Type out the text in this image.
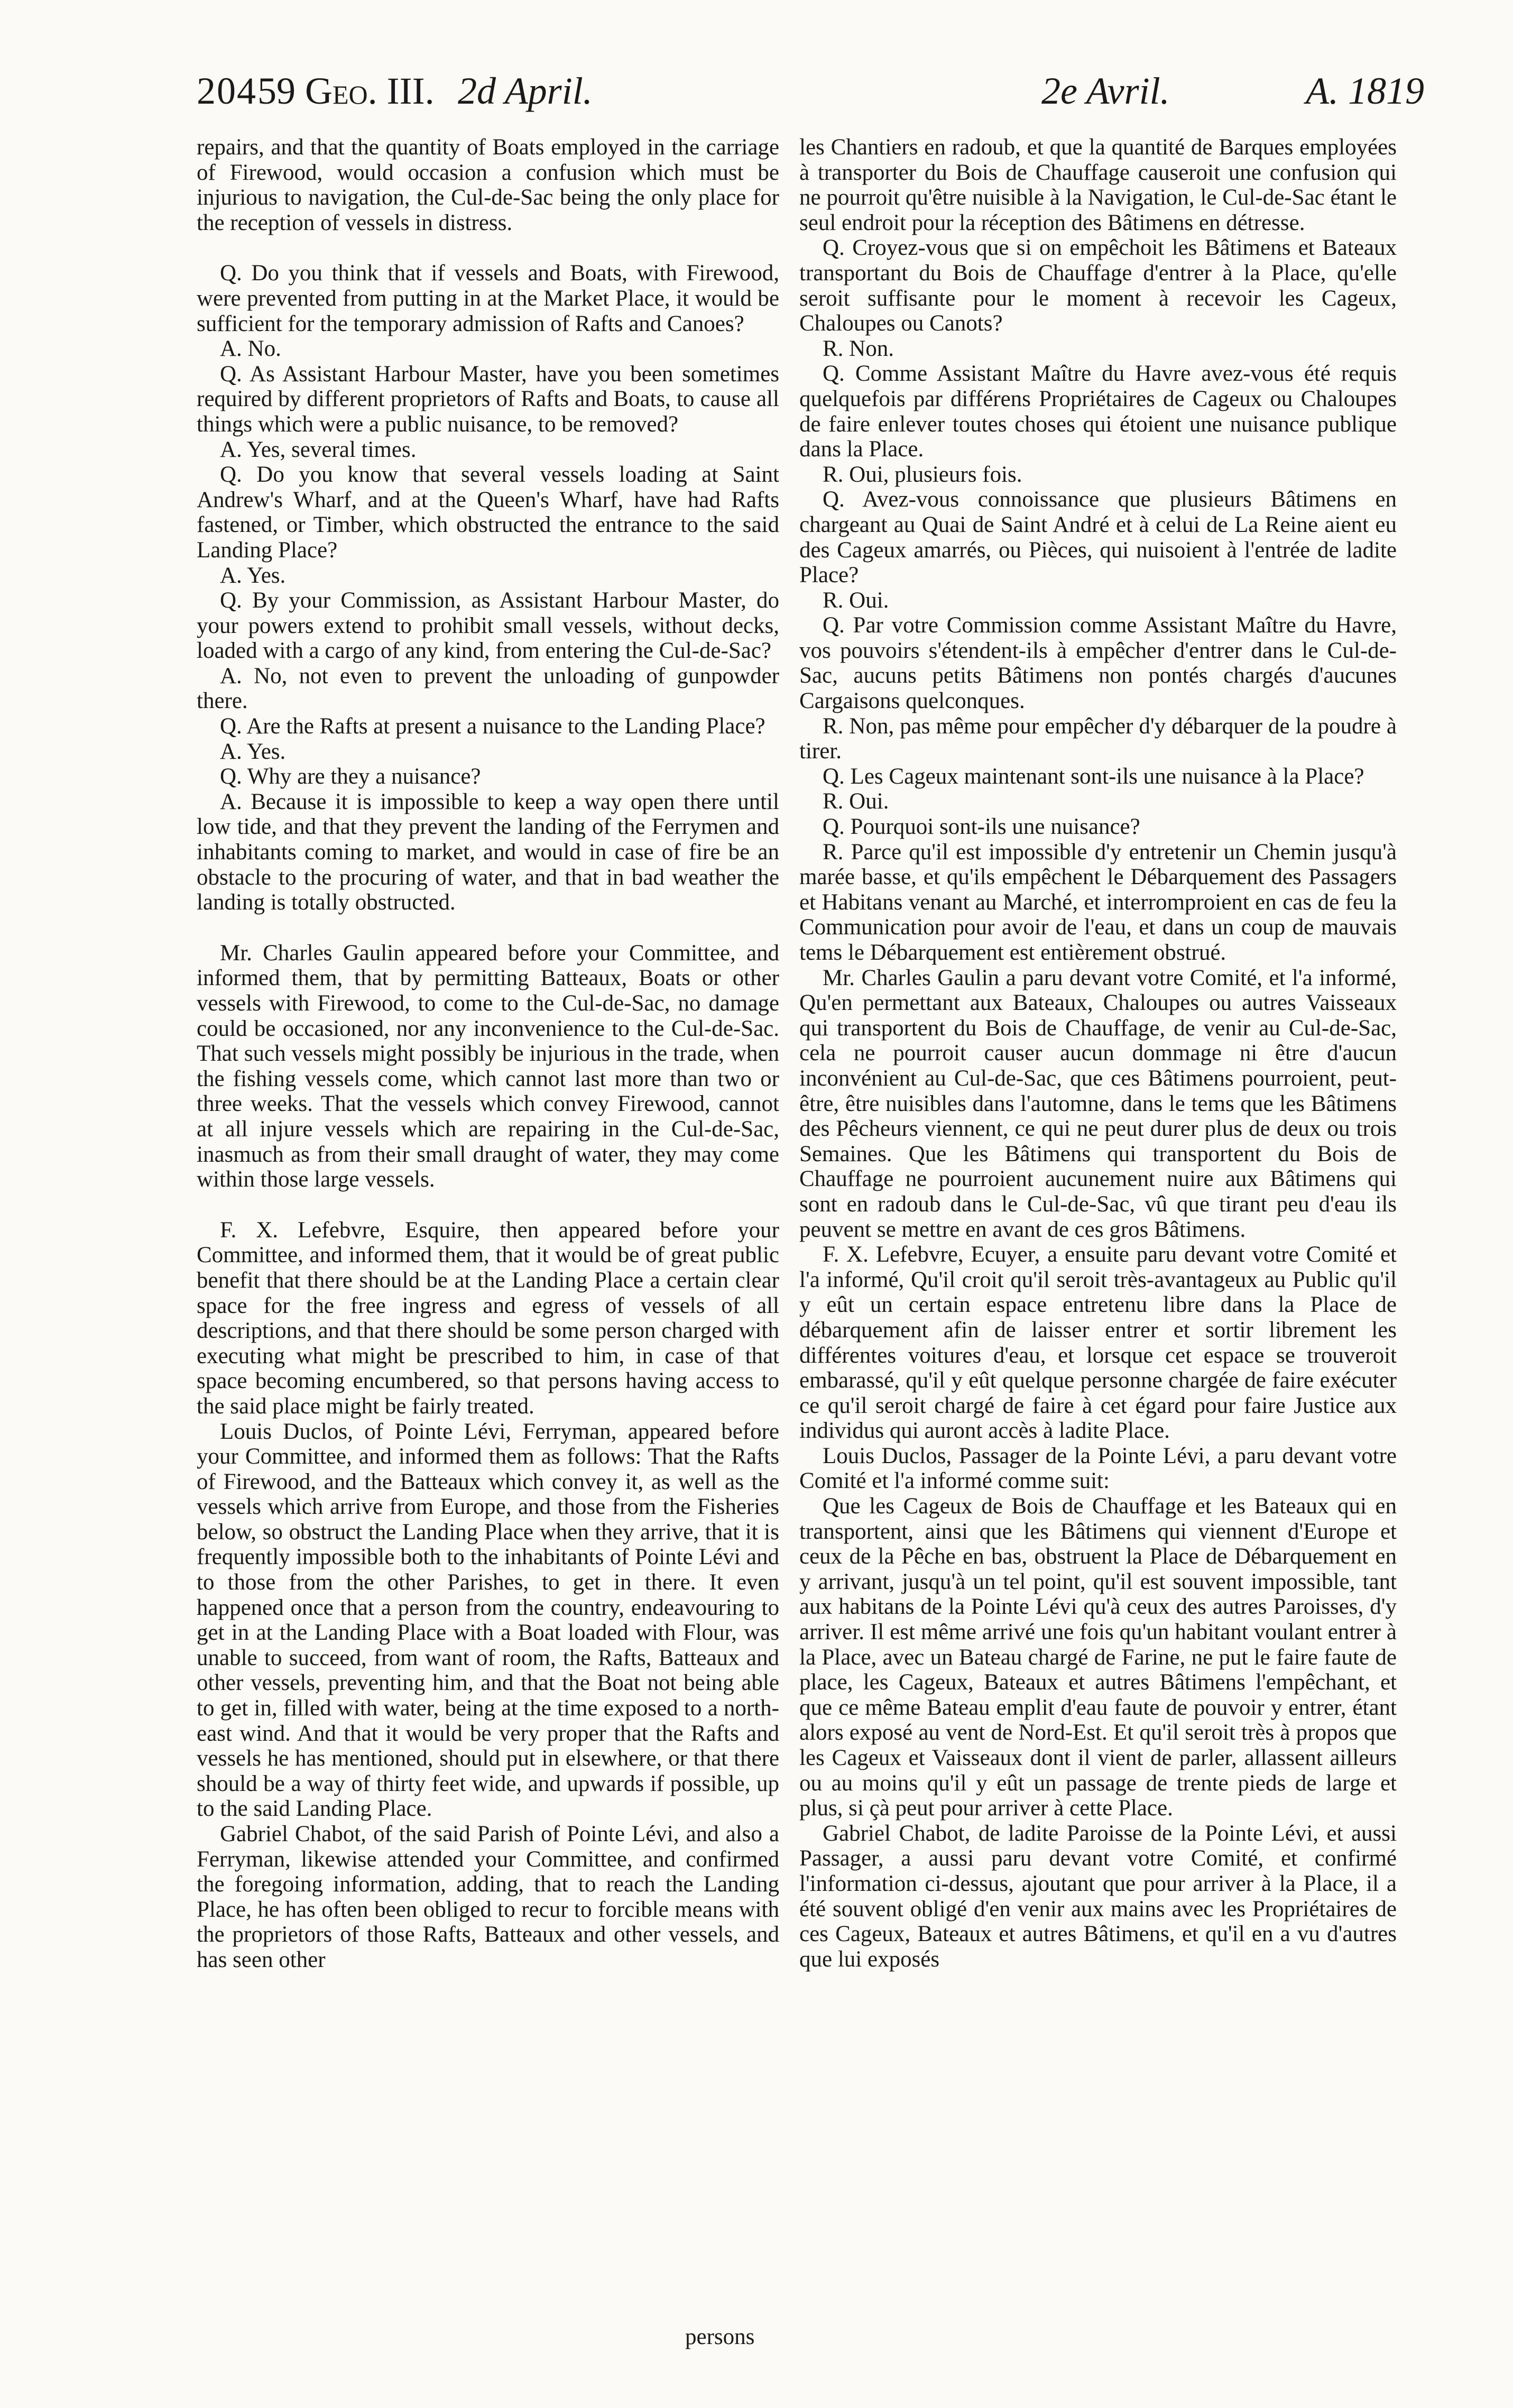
204 59 Geo. III. 2d April.	2e Avril.	A. 1819

repairs, and that the quantity of Boats employed in the carriage of Firewood, would occasion a confusion which must be injurious to navigation, the Cul-de-Sac being the only place for the reception of vessels in distress.

Q. Do you think that if vessels and Boats, with Firewood, were prevented from putting in at the Market Place, it would be sufficient for the temporary admission of Rafts and Canoes?

A. No.

Q. As Assistant Harbour Master, have you been sometimes required by different proprietors of Rafts and Boats, to cause all things which were a public nuisance, to be removed?

A. Yes, several times.

Q. Do you know that several vessels loading at Saint Andrew's Wharf, and at the Queen's Wharf, have had Rafts fastened, or Timber, which obstructed the entrance to the said Landing Place?

A. Yes.

Q. By your Commission, as Assistant Harbour Master, do your powers extend to prohibit small vessels, without decks, loaded with a cargo of any kind, from entering the Cul-de-Sac?

A. No, not even to prevent the unloading of gunpowder there.

Q. Are the Rafts at present a nuisance to the Landing Place?

A. Yes.

Q. Why are they a nuisance?

A. Because it is impossible to keep a way open there until low tide, and that they prevent the landing of the Ferrymen and inhabitants coming to market, and would in case of fire be an obstacle to the procuring of water, and that in bad weather the landing is totally obstructed.

Mr. Charles Gaulin appeared before your Committee, and informed them, that by permitting Batteaux, Boats or other vessels with Firewood, to come to the Cul-de-Sac, no damage could be occasioned, nor any inconvenience to the Cul-de-Sac. That such vessels might possibly be injurious in the trade, when the fishing vessels come, which cannot last more than two or three weeks. That the vessels which convey Firewood, cannot at all injure vessels which are repairing in the Cul-de-Sac, inasmuch as from their small draught of water, they may come within those large vessels.

F. X. Lefebvre, Esquire, then appeared before your Committee, and informed them, that it would be of great public benefit that there should be at the Landing Place a certain clear space for the free ingress and egress of vessels of all descriptions, and that there should be some person charged with executing what might be prescribed to him, in case of that space becoming encumbered, so that persons having access to the said place might be fairly treated.

Louis Duclos, of Pointe Lévi, Ferryman, appeared before your Committee, and informed them as follows: That the Rafts of Firewood, and the Batteaux which convey it, as well as the vessels which arrive from Europe, and those from the Fisheries below, so obstruct the Landing Place when they arrive, that it is frequently impossible both to the inhabitants of Pointe Lévi and to those from the other Parishes, to get in there. It even happened once that a person from the country, endeavouring to get in at the Landing Place with a Boat loaded with Flour, was unable to succeed, from want of room, the Rafts, Batteaux and other vessels, preventing him, and that the Boat not being able to get in, filled with water, being at the time exposed to a north-east wind. And that it would be very proper that the Rafts and vessels he has mentioned, should put in elsewhere, or that there should be a way of thirty feet wide, and upwards if possible, up to the said Landing Place.

Gabriel Chabot, of the said Parish of Pointe Lévi, and also a Ferryman, likewise attended your Committee, and confirmed the foregoing information, adding, that to reach the Landing Place, he has often been obliged to recur to forcible means with the proprietors of those Rafts, Batteaux and other vessels, and has seen other

persons

les Chantiers en radoub, et que la quantité de Barques employées à transporter du Bois de Chauffage causeroit une confusion qui ne pourroit qu'être nuisible à la Navigation, le Cul-de-Sac étant le seul endroit pour la réception des Bâtimens en détresse.

Q. Croyez-vous que si on empêchoit les Bâtimens et Bateaux transportant du Bois de Chauffage d'entrer à la Place, qu'elle seroit suffisante pour le moment à recevoir les Cageux, Chaloupes ou Canots?

R. Non.

Q. Comme Assistant Maître du Havre avez-vous été requis quelquefois par différens Propriétaires de Cageux ou Chaloupes de faire enlever toutes choses qui étoient une nuisance publique dans la Place.

R. Oui, plusieurs fois.

Q. Avez-vous connoissance que plusieurs Bâtimens en chargeant au Quai de Saint André et à celui de La Reine aient eu des Cageux amarrés, ou Pièces, qui nuisoient à l'entrée de ladite Place?

R. Oui.

Q. Par votre Commission comme Assistant Maître du Havre, vos pouvoirs s'étendent-ils à empêcher d'entrer dans le Cul-de-Sac, aucuns petits Bâtimens non pontés chargés d'aucunes Cargaisons quelconques.

R. Non, pas même pour empêcher d'y débarquer de la poudre à tirer.

Q. Les Cageux maintenant sont-ils une nuisance à la Place?

R. Oui.

Q. Pourquoi sont-ils une nuisance?

R. Parce qu'il est impossible d'y entretenir un Chemin jusqu'à marée basse, et qu'ils empêchent le Débarquement des Passagers et Habitans venant au Marché, et interromproient en cas de feu la Communication pour avoir de l'eau, et dans un coup de mauvais tems le Débarquement est entièrement obstrué.

Mr. Charles Gaulin a paru devant votre Comité, et l'a informé, Qu'en permettant aux Bateaux, Chaloupes ou autres Vaisseaux qui transportent du Bois de Chauffage, de venir au Cul-de-Sac, cela ne pourroit causer aucun dommage ni être d'aucun inconvénient au Cul-de-Sac, que ces Bâtimens pourroient, peut-être, être nuisibles dans l'automne, dans le tems que les Bâtimens des Pêcheurs viennent, ce qui ne peut durer plus de deux ou trois Semaines. Que les Bâtimens qui transportent du Bois de Chauffage ne pourroient aucunement nuire aux Bâtimens qui sont en radoub dans le Cul-de-Sac, vû que tirant peu d'eau ils peuvent se mettre en avant de ces gros Bâtimens.

F. X. Lefebvre, Ecuyer, a ensuite paru devant votre Comité et l'a informé, Qu'il croit qu'il seroit très-avantageux au Public qu'il y eût un certain espace entretenu libre dans la Place de débarquement afin de laisser entrer et sortir librement les différentes voitures d'eau, et lorsque cet espace se trouveroit embarassé, qu'il y eût quelque personne chargée de faire exécuter ce qu'il seroit chargé de faire à cet égard pour faire Justice aux individus qui auront accès à ladite Place.

Louis Duclos, Passager de la Pointe Lévi, a paru devant votre Comité et l'a informé comme suit:

Que les Cageux de Bois de Chauffage et les Bateaux qui en transportent, ainsi que les Bâtimens qui viennent d'Europe et ceux de la Pêche en bas, obstruent la Place de Débarquement en y arrivant, jusqu'à un tel point, qu'il est souvent impossible, tant aux habitans de la Pointe Lévi qu'à ceux des autres Paroisses, d'y arriver. Il est même arrivé une fois qu'un habitant voulant entrer à la Place, avec un Bateau chargé de Farine, ne put le faire faute de place, les Cageux, Bateaux et autres Bâtimens l'empêchant, et que ce même Bateau emplit d'eau faute de pouvoir y entrer, étant alors exposé au vent de Nord-Est. Et qu'il seroit très à propos que les Cageux et Vaisseaux dont il vient de parler, allassent ailleurs ou au moins qu'il y eût un passage de trente pieds de large et plus, si çà peut pour arriver à cette Place.

Gabriel Chabot, de ladite Paroisse de la Pointe Lévi, et aussi Passager, a aussi paru devant votre Comité, et confirmé l'information ci-dessus, ajoutant que pour arriver à la Place, il a été souvent obligé d'en venir aux mains avec les Propriétaires de ces Cageux, Bateaux et autres Bâtimens, et qu'il en a vu d'autres que lui exposés
